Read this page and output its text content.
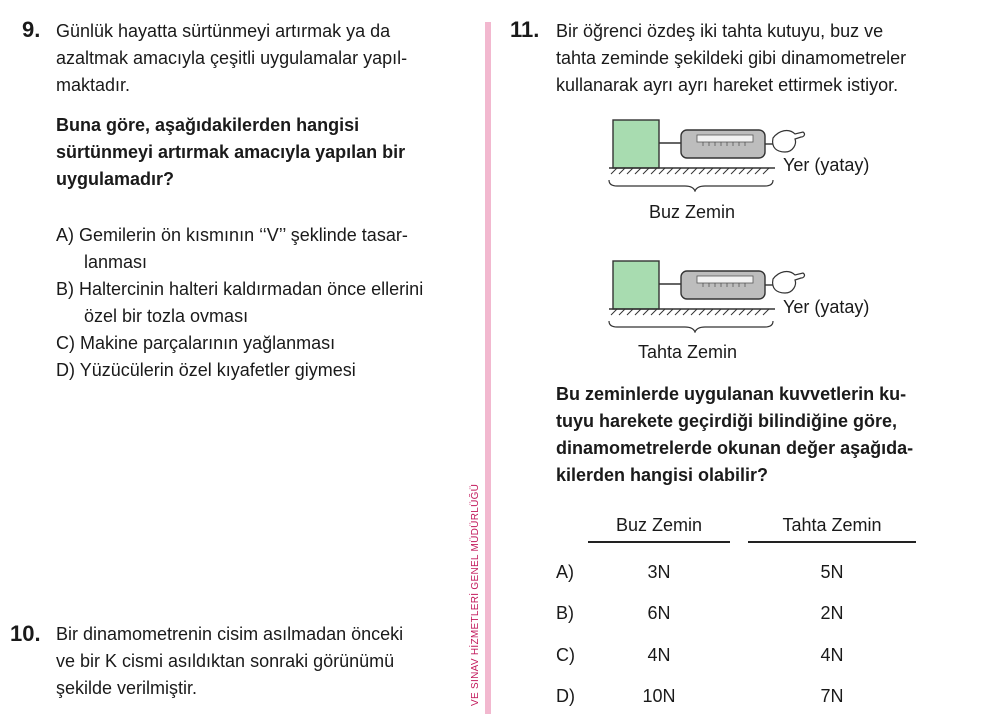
9. Günlük hayatta sürtünmeyi artırmak ya da
azaltmak amacıyla çeşitli uygulamalar yapıl-
maktadır.
Buna göre, aşağıdakilerden hangisi
sürtünmeyi artırmak amacıyla yapılan bir
uygulamadır?
A) Gemilerin ön kısmının ‘‘V’’ şeklinde tasar-
lanması
B) Haltercinin halteri kaldırmadan önce ellerini
özel bir tozla ovması
C) Makine parçalarının yağlanması
D) Yüzücülerin özel kıyafetler giymesi
10. Bir dinamometrenin cisim asılmadan önceki
ve bir K cismi asıldıktan sonraki görünümü
şekilde verilmiştir.	VE SINAV HİZMETLERİ GENEL MÜDÜRLÜĞÜ
11. Bir öğrenci özdeş iki tahta kutuyu, buz ve
tahta zeminde şekildeki gibi dinamometreler
kullanarak ayrı ayrı hareket ettirmek istiyor.
Yer (yatay)
Buz Zemin
Yer (yatay)
Tahta Zemin
Bu zeminlerde uygulanan kuvvetlerin ku-
tuyu harekete geçirdiği bilindiğine göre,
dinamometrelerde okunan değer aşağıda-
kilerden hangisi olabilir?
Buz Zemin	Tahta Zemin
A)	3N	5N
B)	6N	2N
C)	4N	4N
D)	10N	7N
